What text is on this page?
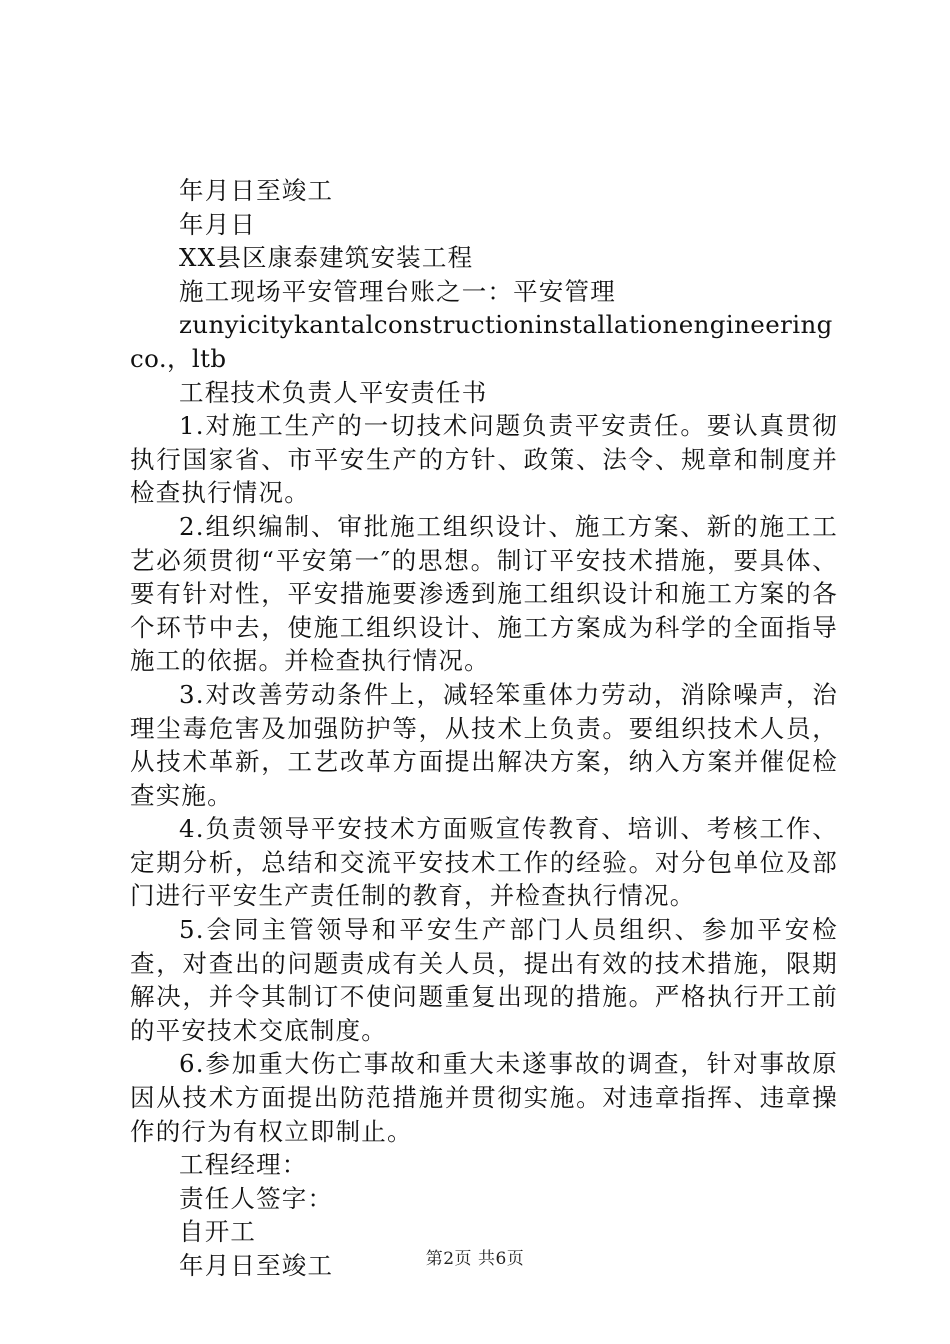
年月日至竣工

年月日

XX县区康泰建筑安装工程

施工现场平安管理台账之一：平安管理

zunyicitykantalconstructioninstallationengineeringco.，ltb

工程技术负责人平安责任书

1.对施工生产的一切技术问题负责平安责任。要认真贯彻执行国家省、市平安生产的方针、政策、法令、规章和制度并检查执行情况。

2.组织编制、审批施工组织设计、施工方案、新的施工工艺必须贯彻“平安第一″的思想。制订平安技术措施，要具体、要有针对性，平安措施要渗透到施工组织设计和施工方案的各个环节中去，使施工组织设计、施工方案成为科学的全面指导施工的依据。并检查执行情况。

3.对改善劳动条件上，减轻笨重体力劳动，消除噪声，治理尘毒危害及加强防护等，从技术上负责。要组织技术人员，从技术革新，工艺改革方面提出解决方案，纳入方案并催促检查实施。

4.负责领导平安技术方面贩宣传教育、培训、考核工作、定期分析，总结和交流平安技术工作的经验。对分包单位及部门进行平安生产责任制的教育，并检查执行情况。

5.会同主管领导和平安生产部门人员组织、参加平安检查，对查出的问题责成有关人员，提出有效的技术措施，限期解决，并令其制订不使问题重复出现的措施。严格执行开工前的平安技术交底制度。

6.参加重大伤亡事故和重大未遂事故的调查，针对事故原因从技术方面提出防范措施并贯彻实施。对违章指挥、违章操作的行为有权立即制止。

工程经理：

责任人签字：

自开工

年月日至竣工	第2页 共6页
